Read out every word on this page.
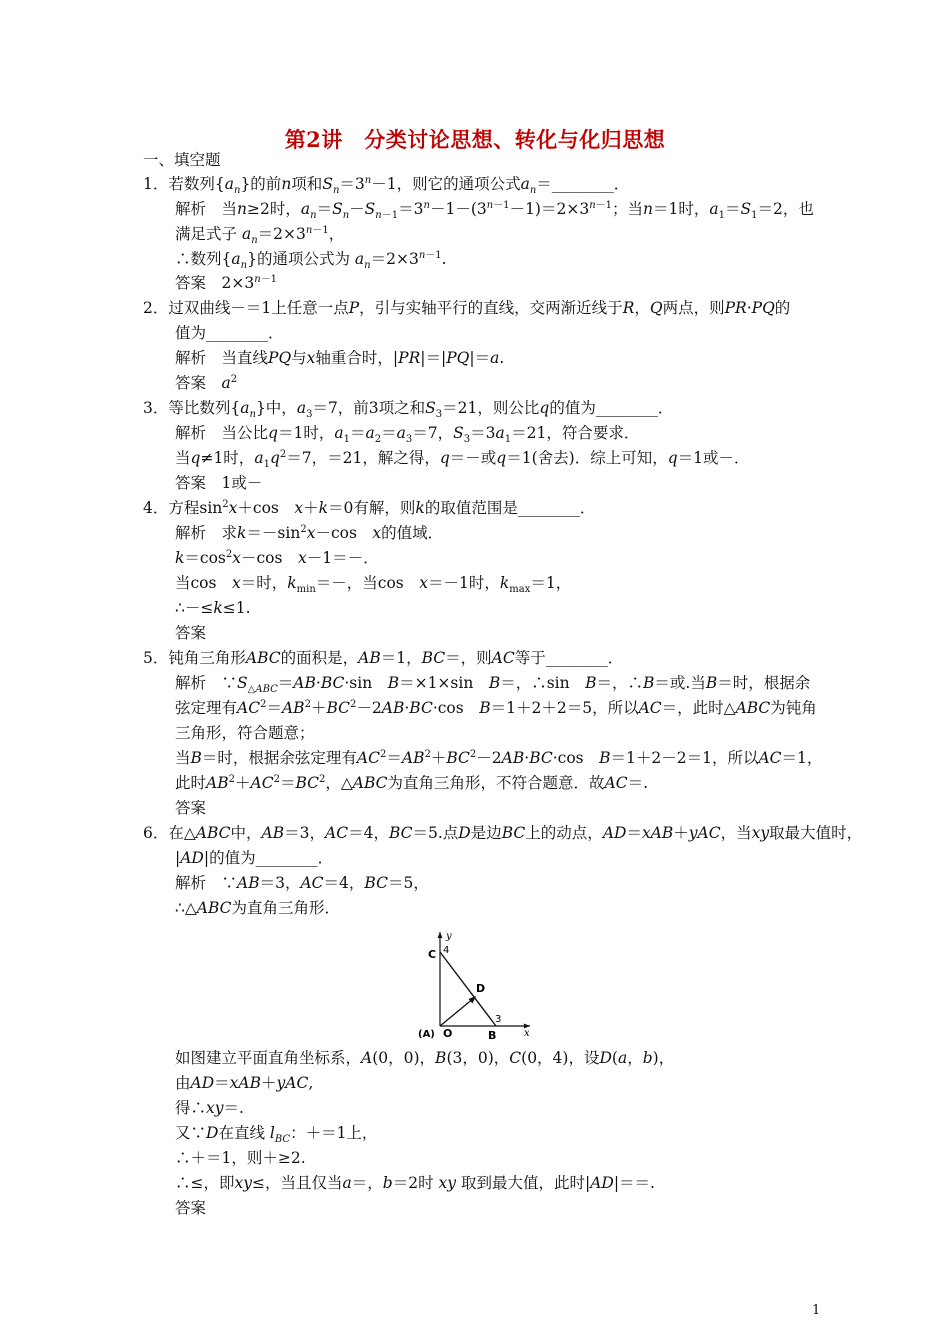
第2讲　分类讨论思想、转化与化归思想
一、填空题
1．若数列$\{a_n\}$的前n项和$S_n=3^n-1$，则它的通项公式$a_n=\_\_\_\_\_\_\_\_$．
解析　当n≥2时，$a_n=S_n-S_{n-1}=3^n-1-(3^{n-1}-1)=2\times 3^{n-1}$；当n＝1时，$a_1=S_1=2$，也
满足式子 $a_n=2\times 3^{n-1}$，
∴数列$\{a_n\}$的通项公式为 $a_n=2\times 3^{n-1}$.
答案　$2\times 3^{n-1}$
2．过双曲线－＝1上任意一点P，引与实轴平行的直线，交两渐近线于R，Q两点，则PR·PQ的
值为________．
解析　当直线PQ与x轴重合时，|PR|＝|PQ|＝a.
答案　$a^2$
3．等比数列$\{a_n\}$中，$a_3=7$，前3项之和$S_3=21$，则公比q的值为________．
解析　当公比q＝1时，$a_1=a_2=a_3=7$，$S_3=3a_1=21$，符合要求．
当q≠1时，$a_1q^2=7$，＝21，解之得，q＝－或q＝1(舍去)．综上可知，q＝1或－．
答案　1或－
4．方程$\sin^2x+\cos$　x＋k＝0有解，则k的取值范围是________．
解析　求$k=-\sin^2x-\cos$　x的值域．
$k=\cos^2x-\cos$　x－1＝－．
当cos　x＝时，$k_{min}=-$，当cos　x＝－1时，$k_{max}=1$，
∴－≤k≤1.
答案
5．钝角三角形ABC的面积是，AB＝1，BC＝，则AC等于________．
解析　$\because S_{\triangle ABC}=AB\cdot BC\cdot\sin$　B＝×1×sin　B＝，∴sin　B＝，∴B＝或.当B＝时，根据余
弦定理有$AC^2=AB^2+BC^2-2AB\cdot BC\cdot\cos$　B＝1＋2＋2＝5，所以AC＝，此时△ABC为钝角
三角形，符合题意；
当B＝时，根据余弦定理有$AC^2=AB^2+BC^2-2AB\cdot BC\cdot\cos$　B＝1＋2－2＝1，所以AC＝1，
此时$AB^2+AC^2=BC^2$，△ABC为直角三角形，不符合题意．故AC＝.
答案
6．在△ABC中，AB＝3，AC＝4，BC＝5.点D是边BC上的动点，AD＝xAB＋yAC，当xy取最大值时，
|AD|的值为________．
解析　∵AB＝3，AC＝4，BC＝5，
∴△ABC为直角三角形．
y
x
C 4
D
(A) O	B
3
如图建立平面直角坐标系，A(0，0)，B(3，0)，C(0，4)，设D(a，b)，
由AD＝xAB＋yAC,
得∴xy＝.
又∵D在直线 $l_{BC}$：＋＝1上，
∴＋＝1，则＋≥2.
∴≤，即xy≤，当且仅当a＝，b＝2时 xy 取到最大值，此时|AD|＝＝.
答案
1
